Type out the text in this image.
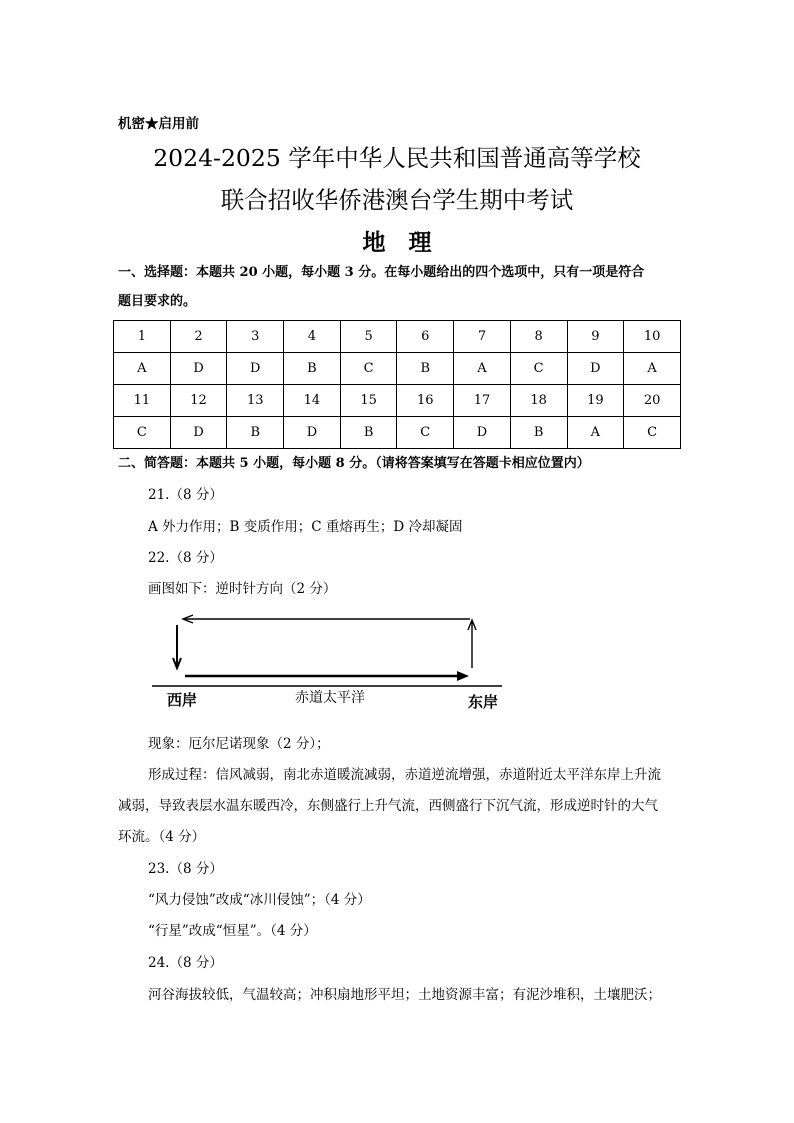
机密★启用前
2024-2025 学年中华人民共和国普通高等学校
联合招收华侨港澳台学生期中考试
地　理
一、选择题：本题共 20 小题，每小题 3 分。在每小题给出的四个选项中，只有一项是符合
题目要求的。
1	2	3	4	5	6	7	8	9	10
A	D	D	B	C	B	A	C	D	A
11	12	13	14	15	16	17	18	19	20
C	D	B	D	B	C	D	B	A	C
二、简答题：本题共 5 小题，每小题 8 分。（请将答案填写在答题卡相应位置内）
21.（8 分）
A 外力作用；B 变质作用；C 重熔再生；D 冷却凝固
22.（8 分）
画图如下：逆时针方向（2 分）
西岸	赤道太平洋	东岸
现象：厄尔尼诺现象（2 分）；
形成过程：信风减弱，南北赤道暖流减弱，赤道逆流增强，赤道附近太平洋东岸上升流
减弱，导致表层水温东暖西冷，东侧盛行上升气流，西侧盛行下沉气流，形成逆时针的大气
环流。（4 分）
23.（8 分）
“风力侵蚀”改成“冰川侵蚀”；（4 分）
“行星”改成“恒星”。（4 分）
24.（8 分）
河谷海拔较低，气温较高；冲积扇地形平坦；土地资源丰富；有泥沙堆积，土壤肥沃；
